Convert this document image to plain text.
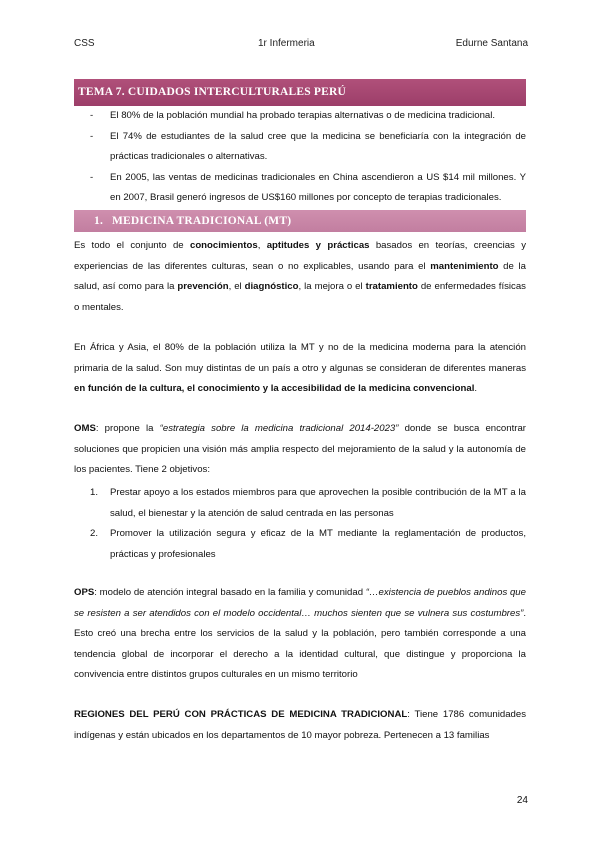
CSS	1r Infermeria	Edurne Santana
TEMA 7. CUIDADOS INTERCULTURALES PERÚ
- El 80% de la población mundial ha probado terapias alternativas o de medicina tradicional.
- El 74% de estudiantes de la salud cree que la medicina se beneficiaría con la integración de prácticas tradicionales o alternativas.
- En 2005, las ventas de medicinas tradicionales en China ascendieron a US $14 mil millones. Y en 2007, Brasil generó ingresos de US$160 millones por concepto de terapias tradicionales.
1. MEDICINA TRADICIONAL (MT)
Es todo el conjunto de conocimientos, aptitudes y prácticas basados en teorías, creencias y experiencias de las diferentes culturas, sean o no explicables, usando para el mantenimiento de la salud, así como para la prevención, el diagnóstico, la mejora o el tratamiento de enfermedades físicas o mentales.
En África y Asia, el 80% de la población utiliza la MT y no de la medicina moderna para la atención primaria de la salud. Son muy distintas de un país a otro y algunas se consideran de diferentes maneras en función de la cultura, el conocimiento y la accesibilidad de la medicina convencional.
OMS: propone la “estrategia sobre la medicina tradicional 2014-2023” donde se busca encontrar soluciones que propicien una visión más amplia respecto del mejoramiento de la salud y la autonomía de los pacientes. Tiene 2 objetivos:
1. Prestar apoyo a los estados miembros para que aprovechen la posible contribución de la MT a la salud, el bienestar y la atención de salud centrada en las personas
2. Promover la utilización segura y eficaz de la MT mediante la reglamentación de productos, prácticas y profesionales
OPS: modelo de atención integral basado en la familia y comunidad “…existencia de pueblos andinos que se resisten a ser atendidos con el modelo occidental… muchos sienten que se vulnera sus costumbres”. Esto creó una brecha entre los servicios de la salud y la población, pero también corresponde a una tendencia global de incorporar el derecho a la identidad cultural, que distingue y proporciona la convivencia entre distintos grupos culturales en un mismo territorio
REGIONES DEL PERÚ CON PRÁCTICAS DE MEDICINA TRADICIONAL: Tiene 1786 comunidades indígenas y están ubicados en los departamentos de 10 mayor pobreza. Pertenecen a 13 familias
24
